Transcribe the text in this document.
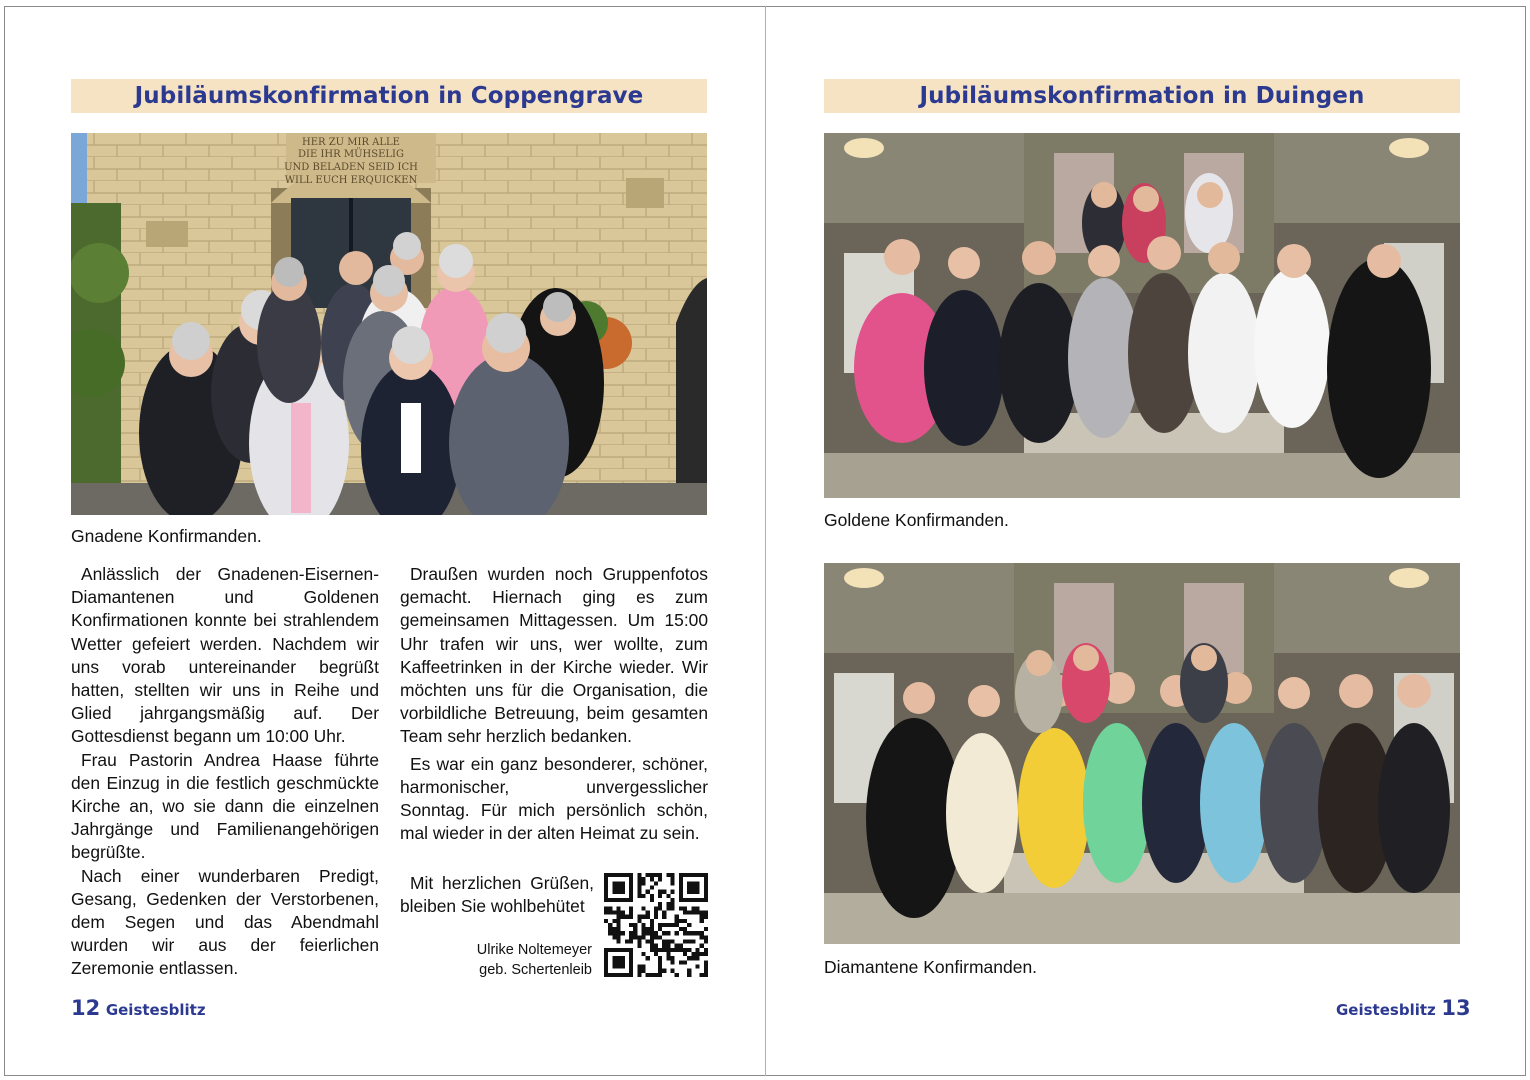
Jubiläumskonfirmation in Coppengrave
HER ZU MIR ALLE
DIE IHR MÜHSELIG
UND BELADEN SEID ICH
WILL EUCH ERQUICKEN
Gnadene Konfirmanden.

Anlässlich der Gnadenen-Eisernen-Diamantenen und Goldenen Konfirmationen konnte bei strahlendem Wetter gefeiert werden. Nachdem wir uns vorab untereinander begrüßt hatten, stellten wir uns in Reihe und Glied jahrgangsmäßig auf. Der Gottesdienst begann um 10:00 Uhr.

Frau Pastorin Andrea Haase führte den Einzug in die festlich geschmückte Kirche an, wo sie dann die einzelnen Jahrgänge und Familienangehörigen begrüßte.

Nach einer wunderbaren Predigt, Gesang, Gedenken der Verstorbenen, dem Segen und das Abendmahl wurden wir aus der feierlichen Zeremonie entlassen.

Draußen wurden noch Gruppenfotos gemacht. Hiernach ging es zum gemeinsamen Mittagessen. Um 15:00 Uhr trafen wir uns, wer wollte, zum Kaffeetrinken in der Kirche wieder. Wir möchten uns für die Organisation, die vorbildliche Betreuung, beim gesamten Team sehr herzlich bedanken.

Es war ein ganz besonderer, schöner, harmonischer, unvergesslicher Sonntag. Für mich persönlich schön, mal wieder in der alten Heimat zu sein.

Mit herzlichen Grüßen, bleiben Sie wohlbehütet
Ulrike Noltemeyer
geb. Schertenleib
12 Geistesblitz
Jubiläumskonfirmation in Duingen
Goldene Konfirmanden.
Diamantene Konfirmanden.
Geistesblitz 13
